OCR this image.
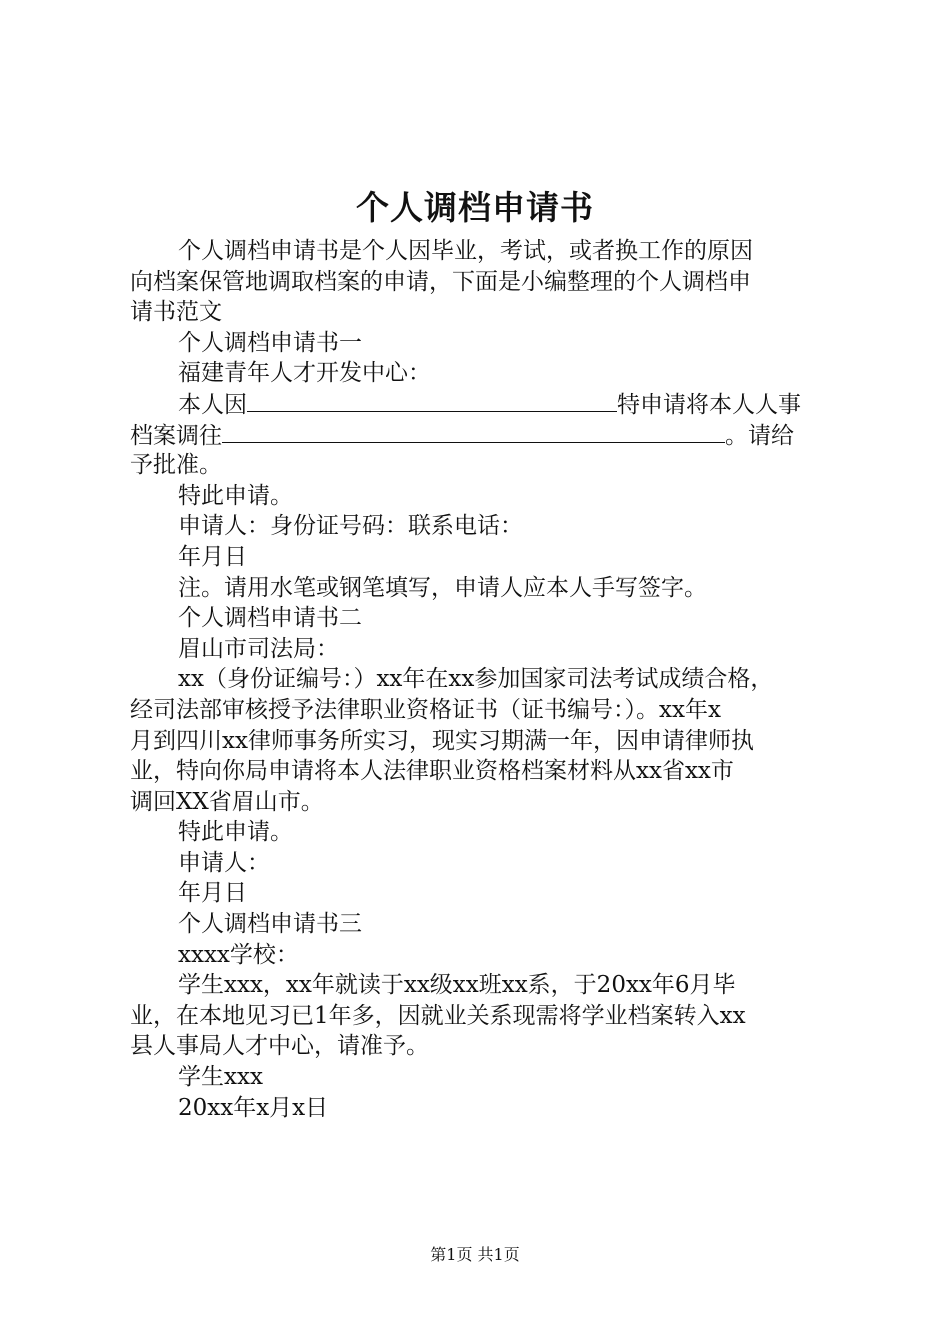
个人调档申请书
个人调档申请书是个人因毕业，考试，或者换工作的原因
向档案保管地调取档案的申请，下面是小编整理的个人调档申
请书范文
个人调档申请书一
福建青年人才开发中心：
本人因	特申请将本人人事
档案调往	。请给
予批准。
特此申请。
申请人：身份证号码：联系电话：
年月日
注。请用水笔或钢笔填写，申请人应本人手写签字。
个人调档申请书二
眉山市司法局：
xx（身份证编号：）xx年在xx参加国家司法考试成绩合格，
经司法部审核授予法律职业资格证书（证书编号：）。xx年x
月到四川xx律师事务所实习，现实习期满一年，因申请律师执
业，特向你局申请将本人法律职业资格档案材料从xx省xx市
调回XX省眉山市。
特此申请。
申请人：
年月日
个人调档申请书三
xxxx学校：
学生xxx，xx年就读于xx级xx班xx系，于20xx年6月毕
业，在本地见习已1年多，因就业关系现需将学业档案转入xx
县人事局人才中心，请准予。
学生xxx
20xx年x月x日
第1页 共1页
